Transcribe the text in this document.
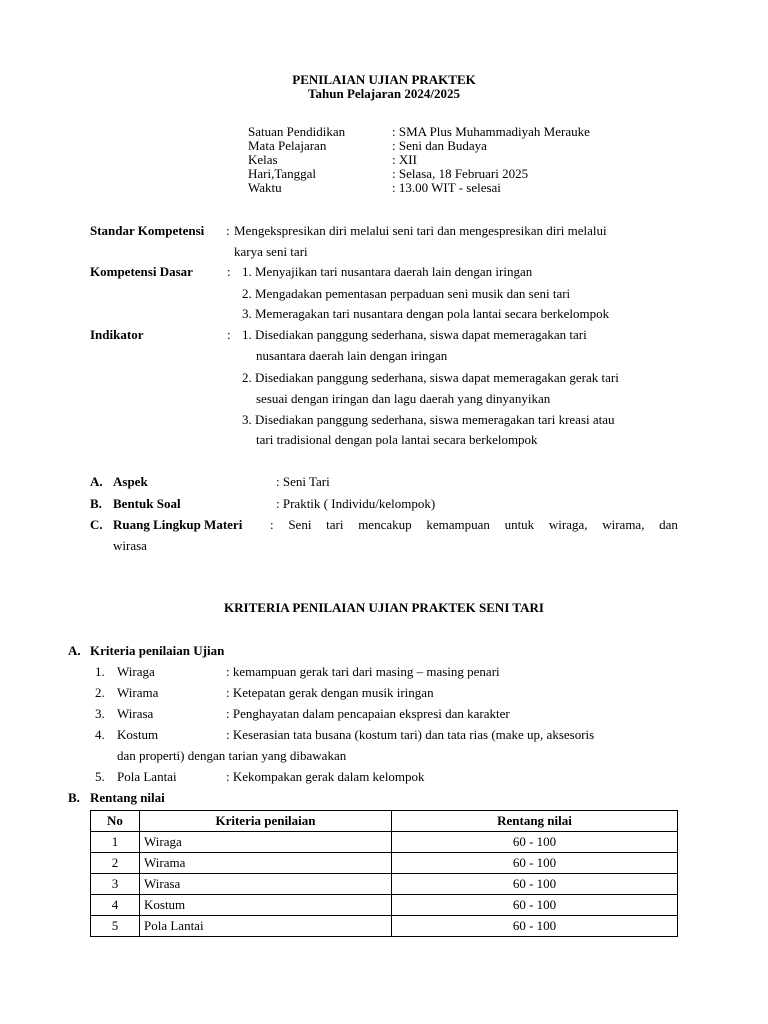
PENILAIAN UJIAN PRAKTEK
Tahun Pelajaran 2024/2025
Satuan Pendidikan	: SMA Plus Muhammadiyah Merauke
Mata Pelajaran	: Seni dan Budaya
Kelas	: XII
Hari,Tanggal	: Selasa, 18 Februari 2025
Waktu	: 13.00 WIT - selesai
Standar Kompetensi : Mengekspresikan diri melalui seni tari dan mengespresikan diri melalui
karya seni tari
Kompetensi Dasar	: 1. Menyajikan tari nusantara daerah lain dengan iringan
2. Mengadakan pementasan perpaduan seni musik dan seni tari
3. Memeragakan tari nusantara dengan pola lantai secara berkelompok
Indikator	: 1. Disediakan panggung sederhana, siswa dapat memeragakan tari
nusantara daerah lain dengan iringan
2. Disediakan panggung sederhana, siswa dapat memeragakan gerak tari
sesuai dengan iringan dan lagu daerah yang dinyanyikan
3. Disediakan panggung sederhana, siswa memeragakan tari kreasi atau
tari tradisional dengan pola lantai secara berkelompok
A. Aspek	: Seni Tari
B. Bentuk Soal	: Praktik ( Individu/kelompok)
C. Ruang Lingkup Materi : Seni tari mencakup kemampuan untuk wiraga, wirama, dan
wirasa
KRITERIA PENILAIAN UJIAN PRAKTEK SENI TARI
A. Kriteria penilaian Ujian
1. Wiraga	: kemampuan gerak tari dari masing – masing penari
2. Wirama	: Ketepatan gerak dengan musik iringan
3. Wirasa	: Penghayatan dalam pencapaian ekspresi dan karakter
4. Kostum	: Keserasian tata busana (kostum tari) dan tata rias (make up, aksesoris
dan properti) dengan tarian yang dibawakan
5. Pola Lantai	: Kekompakan gerak dalam kelompok
B. Rentang nilai
No	Kriteria penilaian	Rentang nilai
1	Wiraga	60 - 100
2	Wirama	60 - 100
3	Wirasa	60 - 100
4	Kostum	60 - 100
5	Pola Lantai	60 - 100
